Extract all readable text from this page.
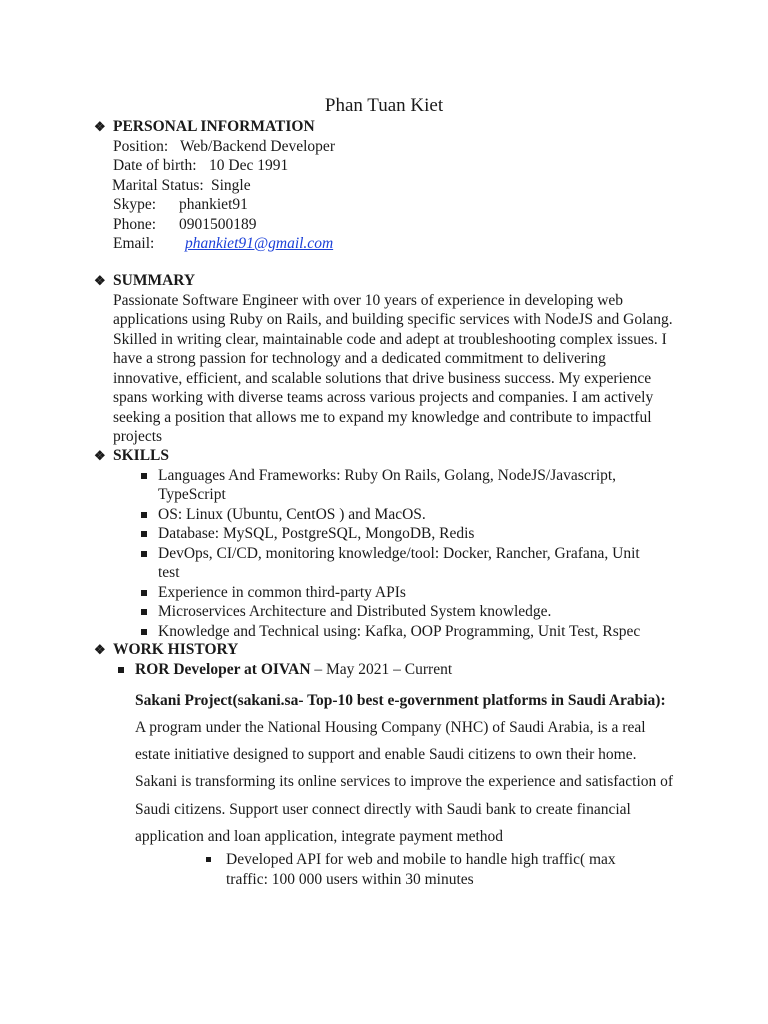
Phan Tuan Kiet
❖ PERSONAL INFORMATION
Position: Web/Backend Developer
Date of birth: 10 Dec 1991
Marital Status: Single
Skype:	phankiet91
Phone:	0901500189
Email:	phankiet91@gmail.com
❖ SUMMARY
Passionate Software Engineer with over 10 years of experience in developing web applications using Ruby on Rails, and building specific services with NodeJS and Golang. Skilled in writing clear, maintainable code and adept at troubleshooting complex issues. I have a strong passion for technology and a dedicated commitment to delivering innovative, efficient, and scalable solutions that drive business success. My experience spans working with diverse teams across various projects and companies. I am actively seeking a position that allows me to expand my knowledge and contribute to impactful projects
❖ SKILLS
Languages And Frameworks: Ruby On Rails, Golang, NodeJS/Javascript, TypeScript
OS: Linux (Ubuntu, CentOS ) and MacOS.
Database: MySQL, PostgreSQL, MongoDB, Redis
DevOps, CI/CD, monitoring knowledge/tool: Docker, Rancher, Grafana, Unit test
Experience in common third-party APIs
Microservices Architecture and Distributed System knowledge.
Knowledge and Technical using: Kafka, OOP Programming, Unit Test, Rspec
❖ WORK HISTORY
ROR Developer at OIVAN – May 2021 – Current
Sakani Project(sakani.sa- Top-10 best e-government platforms in Saudi Arabia): A program under the National Housing Company (NHC) of Saudi Arabia, is a real estate initiative designed to support and enable Saudi citizens to own their home. Sakani is transforming its online services to improve the experience and satisfaction of Saudi citizens. Support user connect directly with Saudi bank to create financial application and loan application, integrate payment method
Developed API for web and mobile to handle high traffic( max traffic: 100 000 users within 30 minutes
